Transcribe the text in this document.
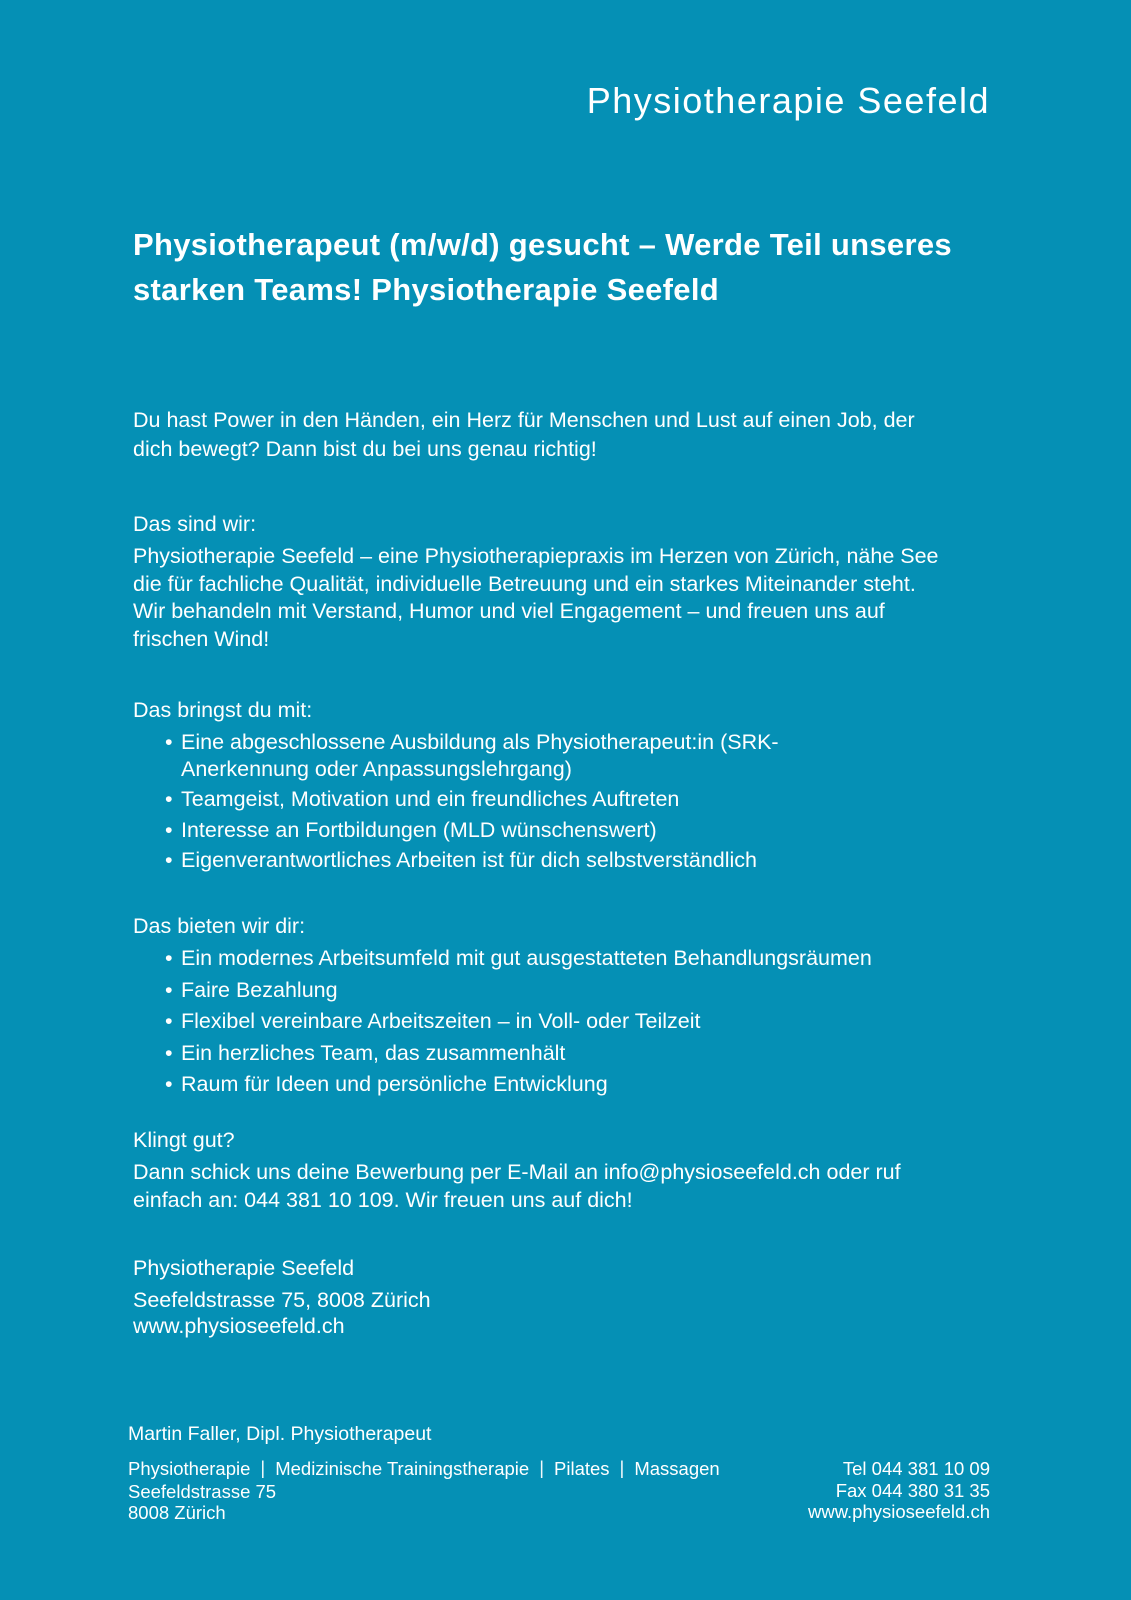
Physiotherapie Seefeld
Physiotherapeut (m/w/d) gesucht – Werde Teil unseres starken Teams! Physiotherapie Seefeld

Du hast Power in den Händen, ein Herz für Menschen und Lust auf einen Job, der dich bewegt? Dann bist du bei uns genau richtig!

Das sind wir:

Physiotherapie Seefeld – eine Physiotherapiepraxis im Herzen von Zürich, nähe See die für fachliche Qualität, individuelle Betreuung und ein starkes Miteinander steht. Wir behandeln mit Verstand, Humor und viel Engagement – und freuen uns auf frischen Wind!

Das bringst du mit:
• Eine abgeschlossene Ausbildung als Physiotherapeut:in (SRK-Anerkennung oder Anpassungslehrgang)
• Teamgeist, Motivation und ein freundliches Auftreten
• Interesse an Fortbildungen (MLD wünschenswert)
• Eigenverantwortliches Arbeiten ist für dich selbstverständlich
Das bieten wir dir:
• Ein modernes Arbeitsumfeld mit gut ausgestatteten Behandlungsräumen
• Faire Bezahlung
• Flexibel vereinbare Arbeitszeiten – in Voll- oder Teilzeit
• Ein herzliches Team, das zusammenhält
• Raum für Ideen und persönliche Entwicklung
Klingt gut?

Dann schick uns deine Bewerbung per E-Mail an info@physioseefeld.ch oder ruf einfach an: 044 381 10 109. Wir freuen uns auf dich!

Physiotherapie Seefeld
Seefeldstrasse 75, 8008 Zürich
www.physioseefeld.ch
Martin Faller, Dipl. Physiotherapeut
Physiotherapie | Medizinische Trainingstherapie | Pilates | Massagen
Seefeldstrasse 75
8008 Zürich
Tel 044 381 10 09
Fax 044 380 31 35
www.physioseefeld.ch
